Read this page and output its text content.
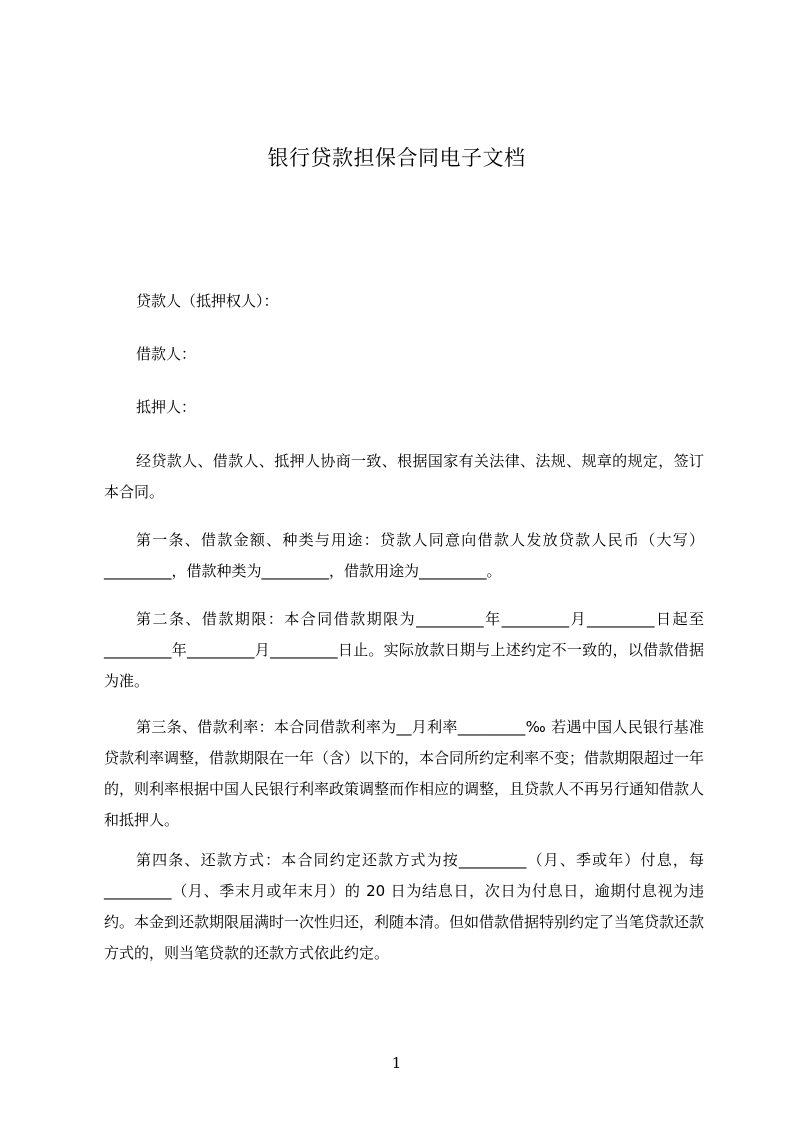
银行贷款担保合同电子文档
贷款人（抵押权人）：
借款人：
抵押人：
经贷款人、借款人、抵押人协商一致、根据国家有关法律、法规、规章的规定，签订本合同。
第一条、借款金额、种类与用途：贷款人同意向借款人发放贷款人民币（大写）_________，借款种类为_________，借款用途为_________。
第二条、借款期限：本合同借款期限为_________年_________月_________日起至_________年_________月_________日止。实际放款日期与上述约定不一致的，以借款借据为准。
第三条、借款利率：本合同借款利率为__月利率_________‰ 若遇中国人民银行基准贷款利率调整，借款期限在一年（含）以下的，本合同所约定利率不变；借款期限超过一年的，则利率根据中国人民银行利率政策调整而作相应的调整，且贷款人不再另行通知借款人和抵押人。
第四条、还款方式：本合同约定还款方式为按_________（月、季或年）付息，每_________（月、季末月或年末月）的 20 日为结息日，次日为付息日，逾期付息视为违约。本金到还款期限届满时一次性归还，利随本清。但如借款借据特别约定了当笔贷款还款方式的，则当笔贷款的还款方式依此约定。
1
